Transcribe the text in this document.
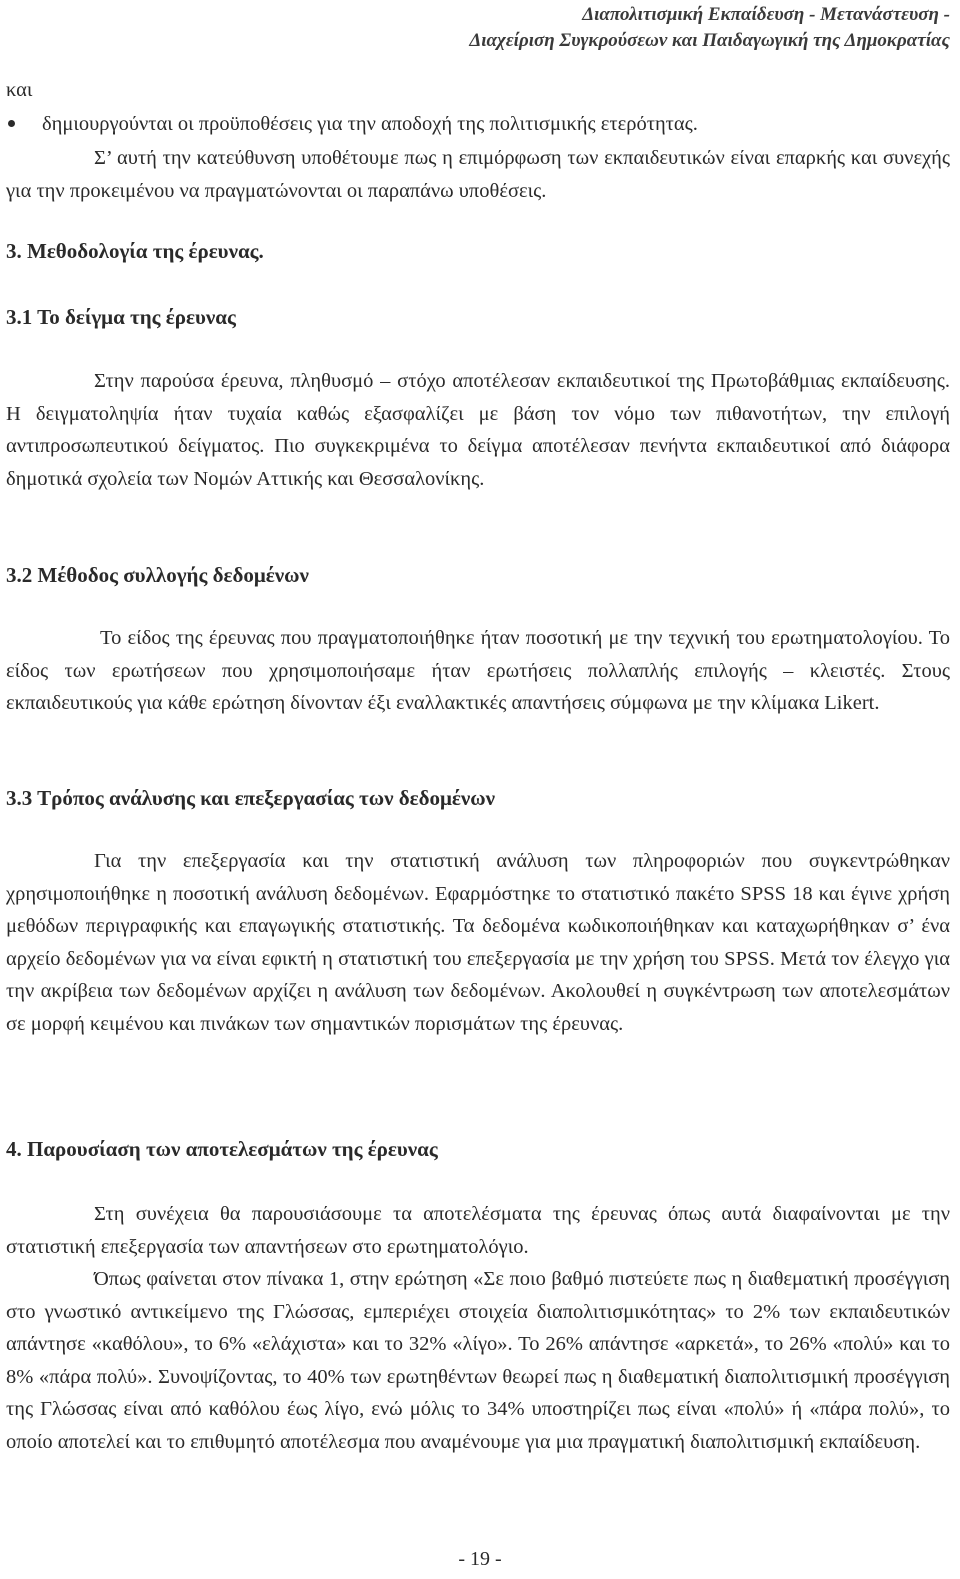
Διαπολιτισμική Εκπαίδευση - Μετανάστευση -
Διαχείριση Συγκρούσεων και Παιδαγωγική της Δημοκρατίας
και
δημιουργούνται οι προϋποθέσεις για την αποδοχή της πολιτισμικής ετερότητας.

Σ’ αυτή την κατεύθυνση υποθέτουμε πως η επιμόρφωση των εκπαιδευτικών είναι επαρκής και συνεχής για την προκειμένου να πραγματώνονται οι παραπάνω υποθέσεις.

3. Μεθοδολογία της έρευνας.
3.1 Το δείγμα της έρευνας

Στην παρούσα έρευνα, πληθυσμό – στόχο αποτέλεσαν εκπαιδευτικοί της Πρωτοβάθμιας εκπαίδευσης. Η δειγματοληψία ήταν τυχαία καθώς εξασφαλίζει με βάση τον νόμο των πιθανοτήτων, την επιλογή αντιπροσωπευτικού δείγματος. Πιο συγκεκριμένα το δείγμα αποτέλεσαν πενήντα εκπαιδευτικοί από διάφορα δημοτικά σχολεία των Νομών Αττικής και Θεσσαλονίκης.

3.2 Μέθοδος συλλογής δεδομένων

Το είδος της έρευνας που πραγματοποιήθηκε ήταν ποσοτική με την τεχνική του ερωτηματολογίου. Το είδος των ερωτήσεων που χρησιμοποιήσαμε ήταν ερωτήσεις πολλαπλής επιλογής – κλειστές. Στους εκπαιδευτικούς για κάθε ερώτηση δίνονταν έξι εναλλακτικές απαντήσεις σύμφωνα με την κλίμακα Likert.

3.3 Τρόπος ανάλυσης και επεξεργασίας των δεδομένων

Για την επεξεργασία και την στατιστική ανάλυση των πληροφοριών που συγκεντρώθηκαν χρησιμοποιήθηκε η ποσοτική ανάλυση δεδομένων. Εφαρμόστηκε το στατιστικό πακέτο SPSS 18 και έγινε χρήση μεθόδων περιγραφικής και επαγωγικής στατιστικής. Τα δεδομένα κωδικοποιήθηκαν και καταχωρήθηκαν σ’ ένα αρχείο δεδομένων για να είναι εφικτή η στατιστική του επεξεργασία με την χρήση του SPSS. Μετά τον έλεγχο για την ακρίβεια των δεδομένων αρχίζει η ανάλυση των δεδομένων. Ακολουθεί η συγκέντρωση των αποτελεσμάτων σε μορφή κειμένου και πινάκων των σημαντικών πορισμάτων της έρευνας.

4. Παρουσίαση των αποτελεσμάτων της έρευνας

Στη συνέχεια θα παρουσιάσουμε τα αποτελέσματα της έρευνας όπως αυτά διαφαίνονται με την στατιστική επεξεργασία των απαντήσεων στο ερωτηματολόγιο.

Όπως φαίνεται στον πίνακα 1, στην ερώτηση «Σε ποιο βαθμό πιστεύετε πως η διαθεματική προσέγγιση στο γνωστικό αντικείμενο της Γλώσσας, εμπεριέχει στοιχεία διαπολιτισμικότητας» το 2% των εκπαιδευτικών απάντησε «καθόλου», το 6% «ελάχιστα» και το 32% «λίγο». Το 26% απάντησε «αρκετά», το 26% «πολύ» και το 8% «πάρα πολύ». Συνοψίζοντας, το 40% των ερωτηθέντων θεωρεί πως η διαθεματική διαπολιτισμική προσέγγιση της Γλώσσας είναι από καθόλου έως λίγο, ενώ μόλις το 34% υποστηρίζει πως είναι «πολύ» ή «πάρα πολύ», το οποίο αποτελεί και το επιθυμητό αποτέλεσμα που αναμένουμε για μια πραγματική διαπολιτισμική εκπαίδευση.

- 19 -
